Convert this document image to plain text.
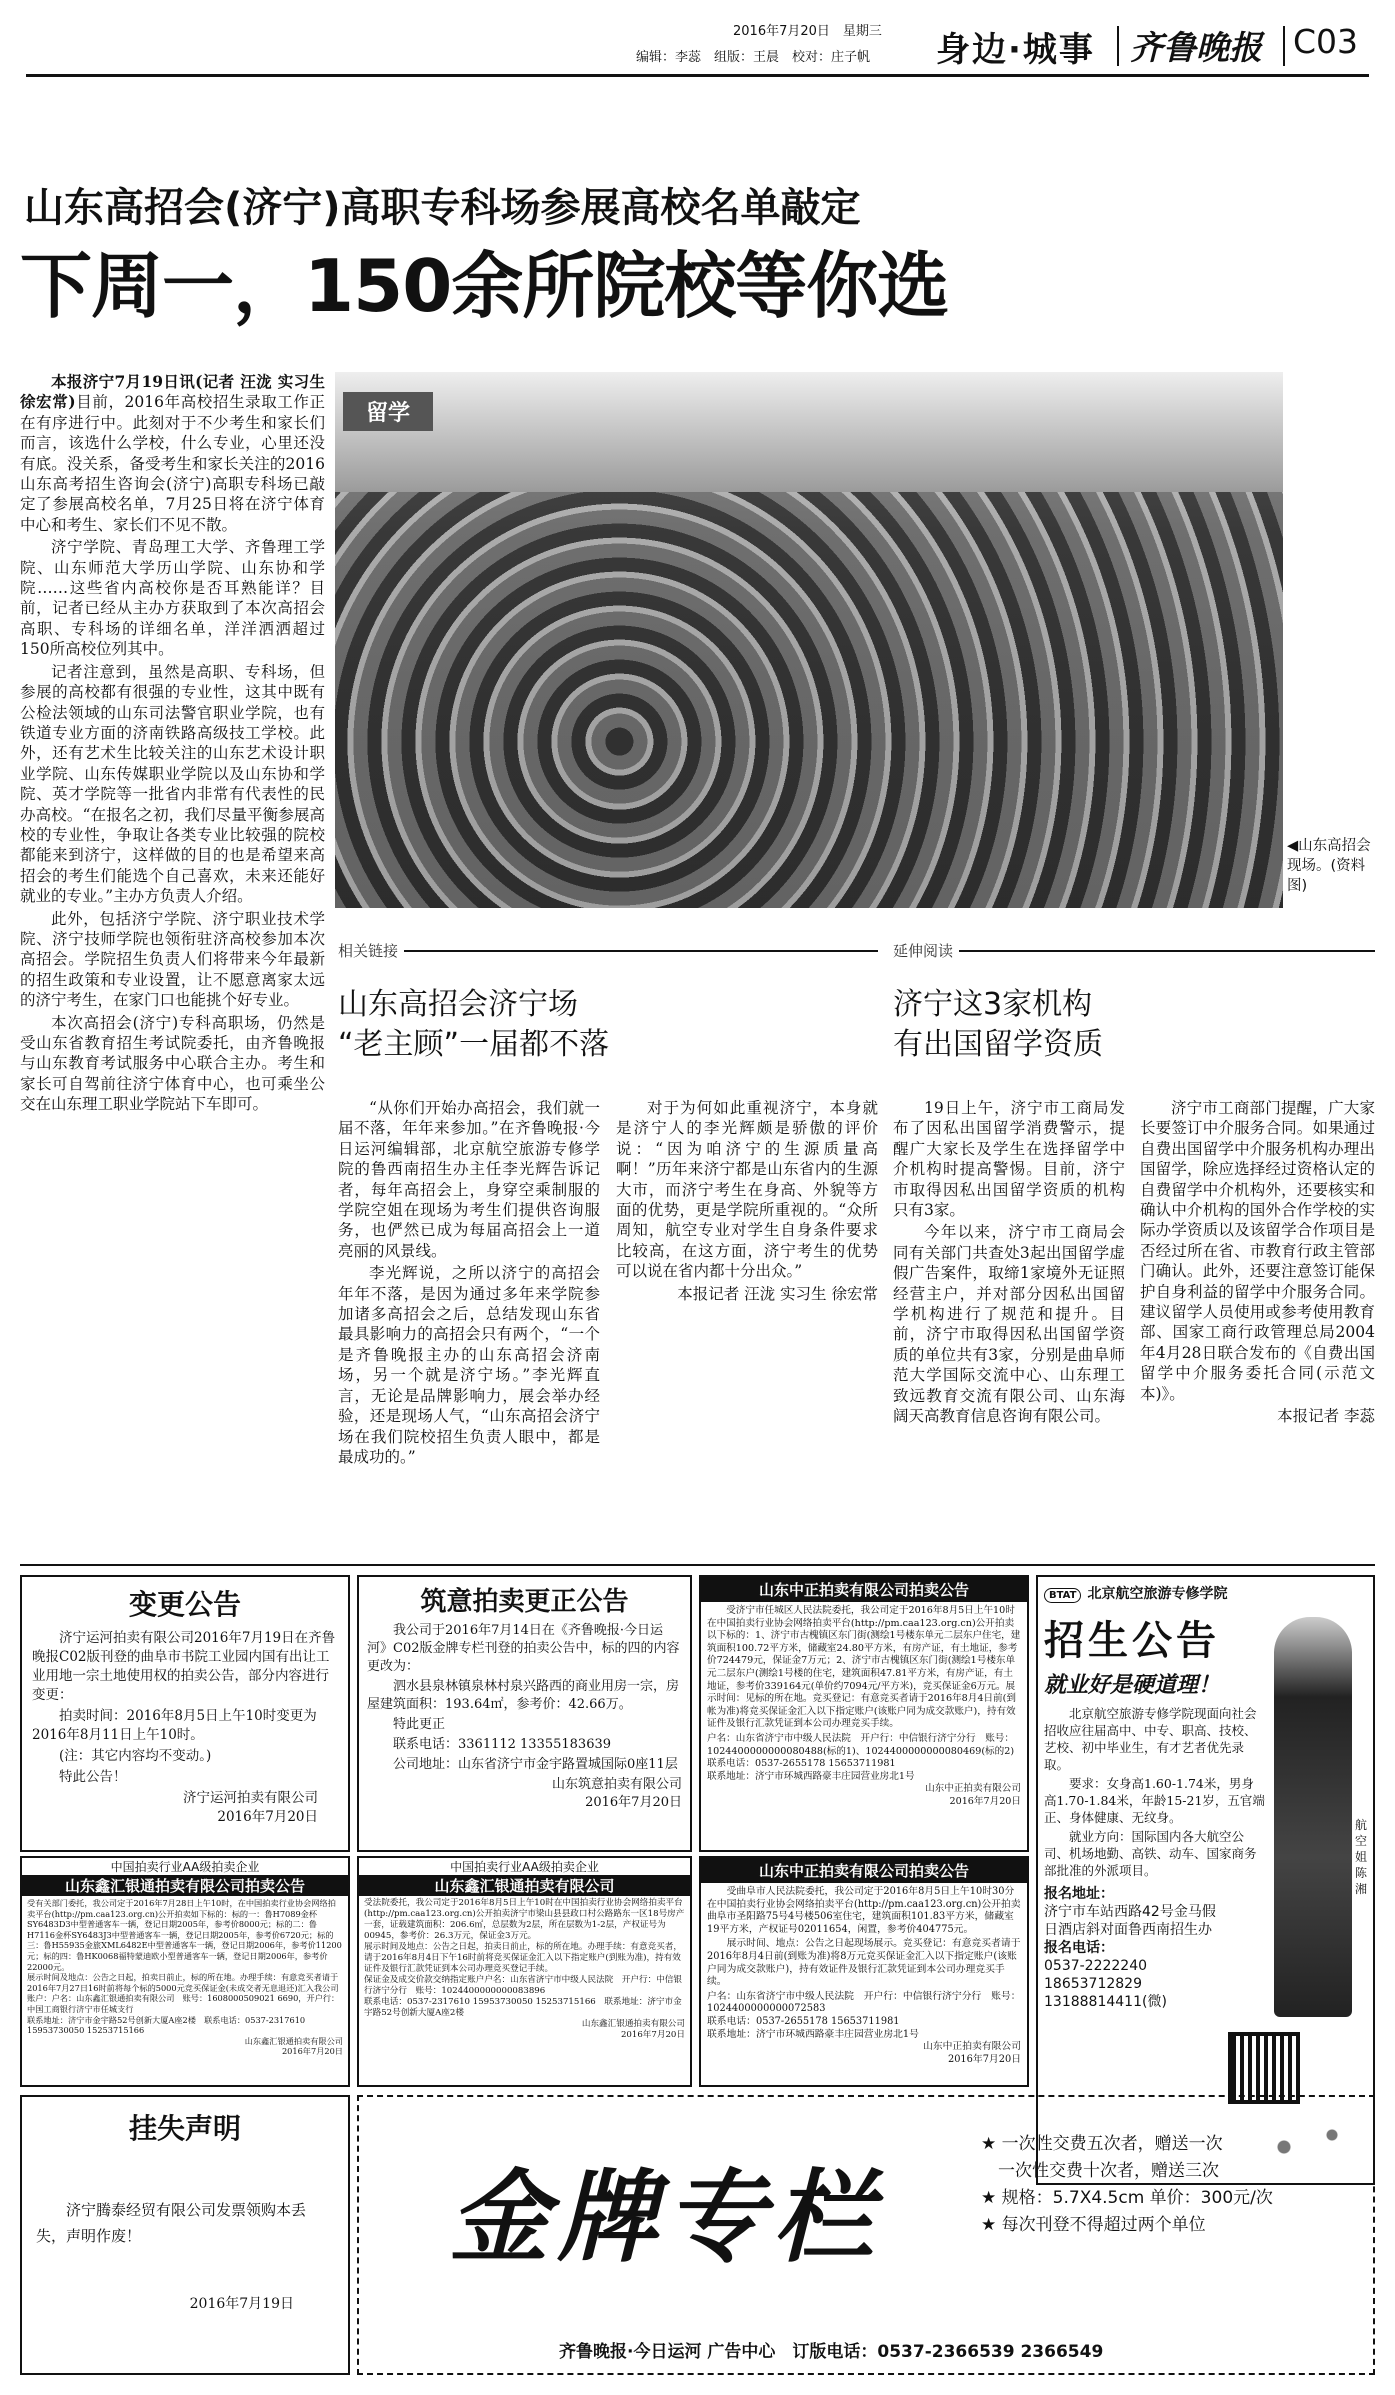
2016年7月20日　 星期三
编辑：李蕊　组版：王晨　校对：庄子帆 身边·城事 齐鲁晚报 C03
山东高招会(济宁)高职专科场参展高校名单敲定
下周一，150余所院校等你选

本报济宁7月19日讯(记者 汪泷 实习生 徐宏常)目前，2016年高校招生录取工作正在有序进行中。此刻对于不少考生和家长们而言，该选什么学校，什么专业，心里还没有底。没关系，备受考生和家长关注的2016山东高考招生咨询会(济宁)高职专科场已敲定了参展高校名单，7月25日将在济宁体育中心和考生、家长们不见不散。

济宁学院、青岛理工大学、齐鲁理工学院、山东师范大学历山学院、山东协和学院……这些省内高校你是否耳熟能详？目前，记者已经从主办方获取到了本次高招会高职、专科场的详细名单，洋洋洒洒超过150所高校位列其中。

记者注意到，虽然是高职、专科场，但参展的高校都有很强的专业性，这其中既有公检法领域的山东司法警官职业学院，也有铁道专业方面的济南铁路高级技工学校。此外，还有艺术生比较关注的山东艺术设计职业学院、山东传媒职业学院以及山东协和学院、英才学院等一批省内非常有代表性的民办高校。“在报名之初，我们尽量平衡参展高校的专业性，争取让各类专业比较强的院校都能来到济宁，这样做的目的也是希望来高招会的考生们能选个自己喜欢，未来还能好就业的专业。”主办方负责人介绍。

此外，包括济宁学院、济宁职业技术学院、济宁技师学院也领衔驻济高校参加本次高招会。学院招生负责人们将带来今年最新的招生政策和专业设置，让不愿意离家太远的济宁考生，在家门口也能挑个好专业。

本次高招会(济宁)专科高职场，仍然是受山东省教育招生考试院委托，由齐鲁晚报与山东教育考试服务中心联合主办。考生和家长可自驾前往济宁体育中心，也可乘坐公交在山东理工职业学院站下车即可。

留学
◀山东高招会现场。(资料图)
相关链接
山东高招会济宁场
“老主顾”一届都不落

“从你们开始办高招会，我们就一届不落，年年来参加。”在齐鲁晚报·今日运河编辑部，北京航空旅游专修学院的鲁西南招生办主任李光辉告诉记者，每年高招会上，身穿空乘制服的学院空姐在现场为考生们提供咨询服务，也俨然已成为每届高招会上一道亮丽的风景线。

李光辉说，之所以济宁的高招会年年不落，是因为通过多年来学院参加诸多高招会之后，总结发现山东省最具影响力的高招会只有两个，“一个是齐鲁晚报主办的山东高招会济南场，另一个就是济宁场。”李光辉直言，无论是品牌影响力，展会举办经验，还是现场人气，“山东高招会济宁场在我们院校招生负责人眼中，都是最成功的。”

对于为何如此重视济宁，本身就是济宁人的李光辉颇是骄傲的评价说：“因为咱济宁的生源质量高啊！”历年来济宁都是山东省内的生源大市，而济宁考生在身高、外貌等方面的优势，更是学院所重视的。“众所周知，航空专业对学生自身条件要求比较高，在这方面，济宁考生的优势可以说在省内都十分出众。”

本报记者 汪泷 实习生 徐宏常

延伸阅读
济宁这3家机构
有出国留学资质

19日上午，济宁市工商局发布了因私出国留学消费警示，提醒广大家长及学生在选择留学中介机构时提高警惕。目前，济宁市取得因私出国留学资质的机构只有3家。

今年以来，济宁市工商局会同有关部门共查处3起出国留学虚假广告案件，取缔1家境外无证照经营主户，并对部分因私出国留学机构进行了规范和提升。目前，济宁市取得因私出国留学资质的单位共有3家，分别是曲阜师范大学国际交流中心、山东理工致远教育交流有限公司、山东海阔天高教育信息咨询有限公司。

济宁市工商部门提醒，广大家长要签订中介服务合同。如果通过自费出国留学中介服务机构办理出国留学，除应选择经过资格认定的自费留学中介机构外，还要核实和确认中介机构的国外合作学校的实际办学资质以及该留学合作项目是否经过所在省、市教育行政主管部门确认。此外，还要注意签订能保护自身利益的留学中介服务合同。建议留学人员使用或参考使用教育部、国家工商行政管理总局2004年4月28日联合发布的《自费出国留学中介服务委托合同(示范文本)》。

本报记者 李蕊

变更公告

济宁运河拍卖有限公司2016年7月19日在齐鲁晚报C02版刊登的曲阜市书院工业园内国有出让工业用地一宗土地使用权的拍卖公告，部分内容进行变更：

拍卖时间：2016年8月5日上午10时变更为2016年8月11日上午10时。

(注：其它内容均不变动。)

特此公告！

济宁运河拍卖有限公司

2016年7月20日

筑意拍卖更正公告

我公司于2016年7月14日在《齐鲁晚报·今日运河》C02版金牌专栏刊登的拍卖公告中，标的四的内容更改为：

泗水县泉林镇泉林村泉兴路西的商业用房一宗，房屋建筑面积：193.64㎡，参考价：42.66万。

特此更正

联系电话：3361112 13355183639

公司地址：山东省济宁市金宇路置城国际0座11层

山东筑意拍卖有限公司

2016年7月20日

山东中正拍卖有限公司拍卖公告

受济宁市任城区人民法院委托，我公司定于2016年8月5日上午10时在中国拍卖行业协会网络拍卖平台(http://pm.caa123.org.cn)公开拍卖以下标的：1、济宁市古槐镇区东门街(测绘1号楼东单元二层东户住宅，建筑面积100.72平方米，储藏室24.80平方米，有房产证，有土地证，参考价724479元，保证金7万元；2、济宁市古槐镇区东门街(测绘1号楼东单元二层东户(测绘1号楼的住宅，建筑面积47.81平方米，有房产证，有土地证，参考价339164元(单价约7094元/平方米)，竞买保证金6万元。展示时间：见标的所在地。竞买登记：有意竞买者请于2016年8月4日前(到帐为准)将竞买保证金汇入以下指定账户(该账户同为成交款账户)，持有效证件及银行汇款凭证到本公司办理竞买手续。

户名：山东省济宁市中级人民法院　开户行：中信银行济宁分行　账号：1024400000000080488(标的1)、1024400000000080469(标的2)

联系电话：0537-2655178 15653711981

联系地址：济宁市环城西路豪丰庄园营业房北1号

山东中正拍卖有限公司

2016年7月20日

BTAT 北京航空旅游专修学院
招生公告
就业好是硬道理！

北京航空旅游专修学院现面向社会招收应往届高中、中专、职高、技校、艺校、初中毕业生，有才艺者优先录取。

要求：女身高1.60-1.74米，男身高1.70-1.84米，年龄15-21岁，五官端正、身体健康、无纹身。

就业方向：国际国内各大航空公司、机场地勤、高铁、动车、国家商务部批准的外派项目。

报名地址：
济宁市车站西路42号金马假日酒店斜对面鲁西南招生办
报名电话：
0537-2222240
18653712829
13188814411(微)
航空姐 陈湘
中国拍卖行业AA级拍卖企业
山东鑫汇银通拍卖有限公司拍卖公告

受有关部门委托，我公司定于2016年7月28日上午10时，在中国拍卖行业协会网络拍卖平台(http://pm.caa123.org.cn)公开拍卖如下标的：标的一：鲁H7089金杯SY6483D3中型普通客车一辆，登记日期2005年，参考价8000元；标的二：鲁H7116金杯SY6483J3中型普通客车一辆，登记日期2005年，参考价6720元；标的三：鲁H55935金旅XML6482E中型普通客车一辆，登记日期2006年，参考价11200元；标的四：鲁HK0068福特蒙迪欧小型普通客车一辆，登记日期2006年，参考价22000元。

展示时间及地点：公告之日起，拍卖日前止，标的所在地。办理手续：有意竞买者请于2016年7月27日16时前将每个标的5000元竞买保证金(未成交者无息退还)汇入我公司账户：户名：山东鑫汇银通拍卖有限公司　账号：1608000509021 6690，开户行：中国工商银行济宁市任城支行

联系地址：济宁市金宇路52号创新大厦A座2楼　联系电话：0537-2317610 15953730050 15253715166

山东鑫汇银通拍卖有限公司

2016年7月20日

中国拍卖行业AA级拍卖企业
山东鑫汇银通拍卖有限公司

受法院委托，我公司定于2016年8月5日上午10时在中国拍卖行业协会网络拍卖平台(http://pm.caa123.org.cn)公开拍卖济宁市梁山县县政口村公路路东一区18号房产一套，证载建筑面积：206.6㎡，总层数为2层，所在层数为1-2层，产权证号为00945，参考价：26.3万元，保证金3万元。

展示时间及地点：公告之日起，拍卖日前止，标的所在地。办理手续：有意竞买者，请于2016年8月4日下午16时前将竞买保证金汇入以下指定账户(到账为准)，持有效证件及银行汇款凭证到本公司办理竞买登记手续。

保证金及成交价款交纳指定账户户名：山东省济宁市中级人民法院　开户行：中信银行济宁分行　账号：1024400000000083896

联系电话：0537-2317610 15953730050 15253715166　联系地址：济宁市金宇路52号创新大厦A座2楼

山东鑫汇银通拍卖有限公司

2016年7月20日

山东中正拍卖有限公司拍卖公告

受曲阜市人民法院委托，我公司定于2016年8月5日上午10时30分在中国拍卖行业协会网络拍卖平台(http://pm.caa123.org.cn)公开拍卖曲阜市圣阳路75号4号楼506室住宅，建筑面积101.83平方米，储藏室19平方米，产权证号02011654，闲置，参考价404775元。

展示时间、地点：公告之日起现场展示。竞买登记：有意竞买者请于2016年8月4日前(到账为准)将8万元竞买保证金汇入以下指定账户(该账户同为成交款账户)，持有效证件及银行汇款凭证到本公司办理竞买手续。

户名：山东省济宁市中级人民法院　开户行：中信银行济宁分行　账号：1024400000000072583

联系电话：0537-2655178 15653711981

联系地址：济宁市环城西路豪丰庄园营业房北1号

山东中正拍卖有限公司

2016年7月20日

挂失声明
济宁腾泰经贸有限公司发票领购本丢失，声明作废！
2016年7月19日
金牌专栏
★ 一次性交费五次者，赠送一次
　一次性交费十次者，赠送三次
★ 规格：5.7X4.5cm 单价：300元/次
★ 每次刊登不得超过两个单位
齐鲁晚报·今日运河 广告中心　 订版电话：0537-2366539 2366549
